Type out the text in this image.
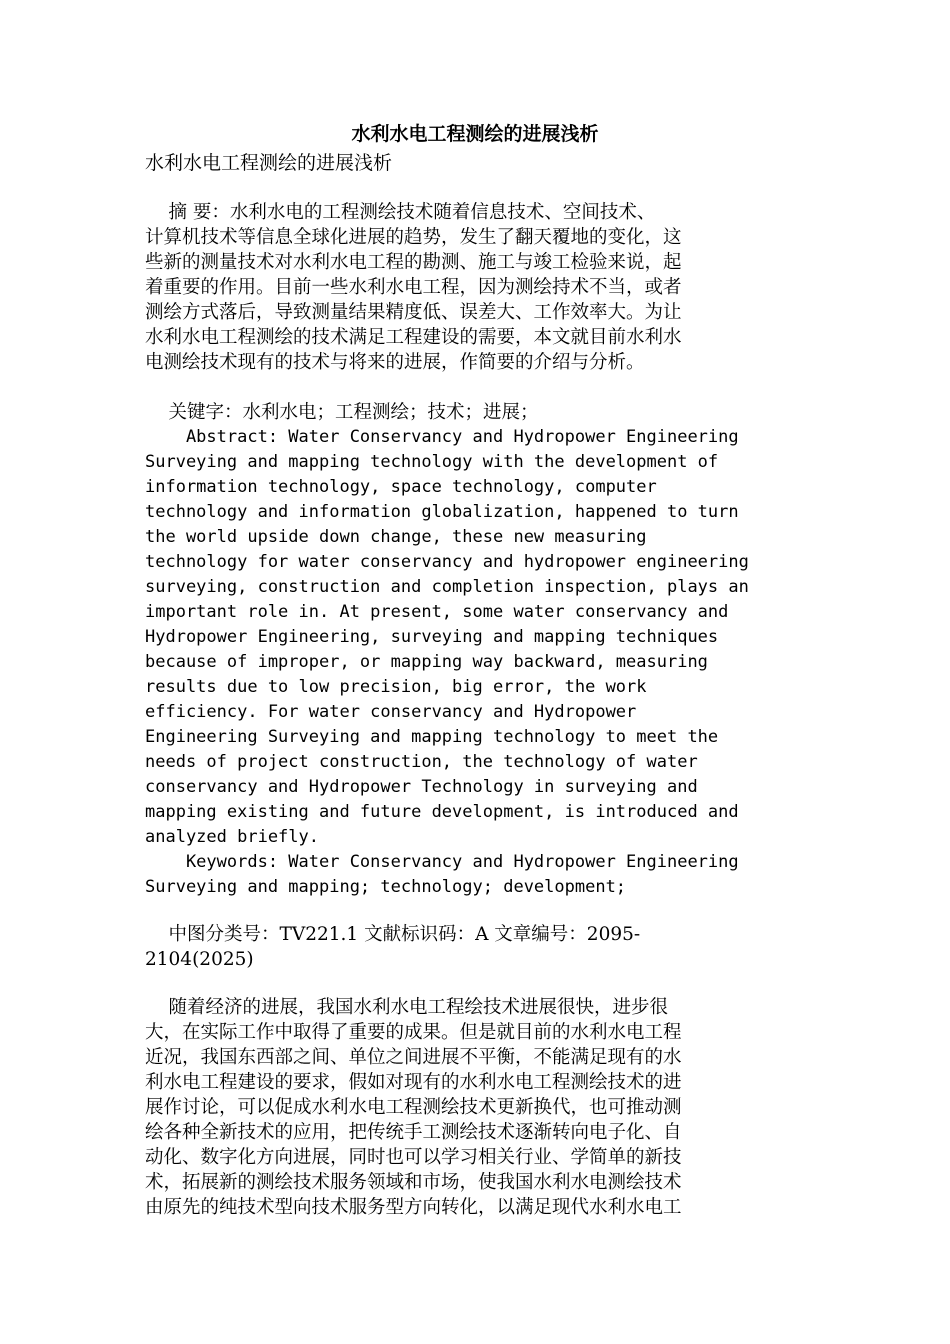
水利水电工程测绘的进展浅析
水利水电工程测绘的进展浅析
摘 要：水利水电的工程测绘技术随着信息技术、空间技术、
计算机技术等信息全球化进展的趋势，发生了翻天覆地的变化，这
些新的测量技术对水利水电工程的勘测、施工与竣工检验来说，起
着重要的作用。目前一些水利水电工程，因为测绘持术不当，或者
测绘方式落后，导致测量结果精度低、误差大、工作效率大。为让
水利水电工程测绘的技术满足工程建设的需要，本文就目前水利水
电测绘技术现有的技术与将来的进展，作简要的介绍与分析。
关键字：水利水电；工程测绘；技术；进展；
Abstract: Water Conservancy and Hydropower Engineering
Surveying and mapping technology with the development of
information technology, space technology, computer
technology and information globalization, happened to turn
the world upside down change, these new measuring
technology for water conservancy and hydropower engineering
surveying, construction and completion inspection, plays an
important role in. At present, some water conservancy and
Hydropower Engineering, surveying and mapping techniques
because of improper, or mapping way backward, measuring
results due to low precision, big error, the work
efficiency. For water conservancy and Hydropower
Engineering Surveying and mapping technology to meet the
needs of project construction, the technology of water
conservancy and Hydropower Technology in surveying and
mapping existing and future development, is introduced and
analyzed briefly.
Keywords: Water Conservancy and Hydropower Engineering
Surveying and mapping; technology; development;
中图分类号：TV221.1 文献标识码：A 文章编号：2095-
2104(2025)
随着经济的进展，我国水利水电工程绘技术进展很快，进步很
大，在实际工作中取得了重要的成果。但是就目前的水利水电工程
近况，我国东西部之间、单位之间进展不平衡，不能满足现有的水
利水电工程建设的要求，假如对现有的水利水电工程测绘技术的进
展作讨论，可以促成水利水电工程测绘技术更新换代，也可推动测
绘各种全新技术的应用，把传统手工测绘技术逐渐转向电子化、自
动化、数字化方向进展，同时也可以学习相关行业、学简单的新技
术，拓展新的测绘技术服务领域和市场，使我国水利水电测绘技术
由原先的纯技术型向技术服务型方向转化，以满足现代水利水电工
